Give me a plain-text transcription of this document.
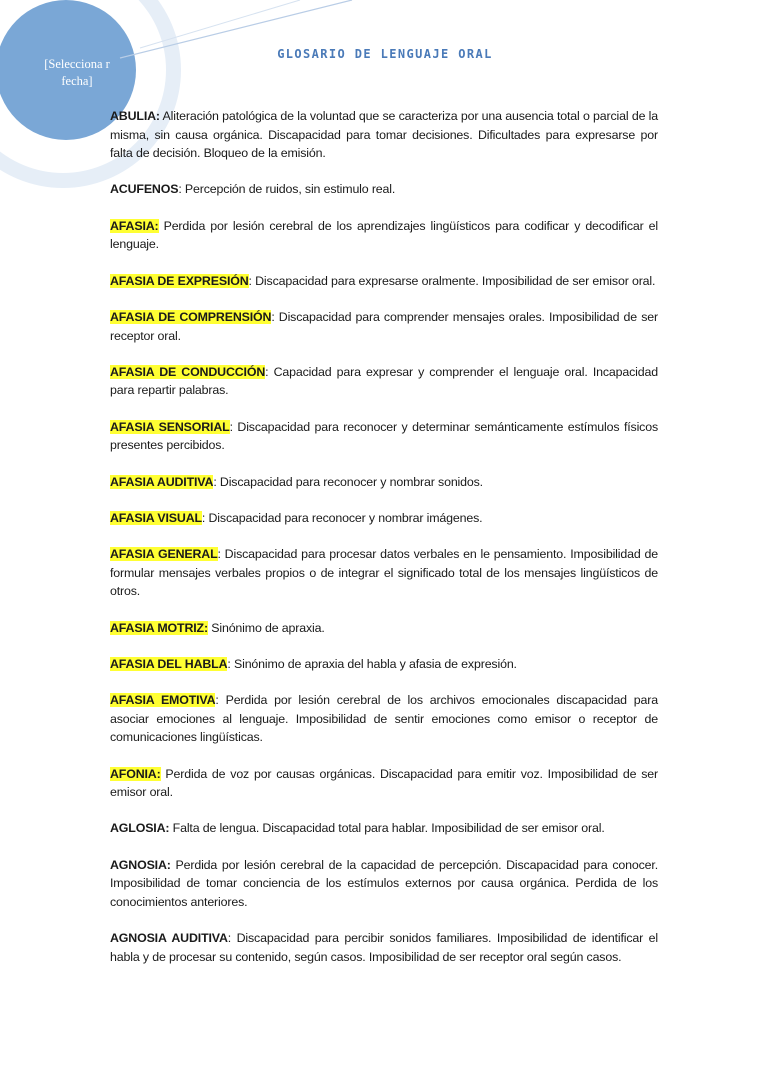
[Selecciona r fecha]
GLOSARIO DE LENGUAJE ORAL

ABULIA: Aliteración patológica de la voluntad que se caracteriza por una ausencia total o parcial de la misma, sin causa orgánica. Discapacidad para tomar decisiones. Dificultades para expresarse por falta de decisión. Bloqueo de la emisión.

ACUFENOS: Percepción de ruidos, sin estimulo real.

AFASIA: Perdida por lesión cerebral de los aprendizajes lingüísticos para codificar y decodificar el lenguaje.

AFASIA DE EXPRESIÓN: Discapacidad para expresarse oralmente. Imposibilidad de ser emisor oral.

AFASIA DE COMPRENSIÓN: Discapacidad para comprender mensajes orales. Imposibilidad de ser receptor oral.

AFASIA DE CONDUCCIÓN: Capacidad para expresar y comprender el lenguaje oral. Incapacidad para repartir palabras.

AFASIA SENSORIAL: Discapacidad para reconocer y determinar semánticamente estímulos físicos presentes percibidos.

AFASIA AUDITIVA: Discapacidad para reconocer y nombrar sonidos.

AFASIA VISUAL: Discapacidad para reconocer y nombrar imágenes.

AFASIA GENERAL: Discapacidad para procesar datos verbales en le pensamiento. Imposibilidad de formular mensajes verbales propios o de integrar el significado total de los mensajes lingüísticos de otros.

AFASIA MOTRIZ: Sinónimo de apraxia.

AFASIA DEL HABLA: Sinónimo de apraxia del habla y afasia de expresión.

AFASIA EMOTIVA: Perdida por lesión cerebral de los archivos emocionales discapacidad para asociar emociones al lenguaje. Imposibilidad de sentir emociones como emisor o receptor de comunicaciones lingüísticas.

AFONIA: Perdida de voz por causas orgánicas. Discapacidad para emitir voz. Imposibilidad de ser emisor oral.

AGLOSIA: Falta de lengua. Discapacidad total para hablar. Imposibilidad de ser emisor oral.

AGNOSIA: Perdida por lesión cerebral de la capacidad de percepción. Discapacidad para conocer. Imposibilidad de tomar conciencia de los estímulos externos por causa orgánica. Perdida de los conocimientos anteriores.

AGNOSIA AUDITIVA: Discapacidad para percibir sonidos familiares. Imposibilidad de identificar el habla y de procesar su contenido, según casos. Imposibilidad de ser receptor oral según casos.
